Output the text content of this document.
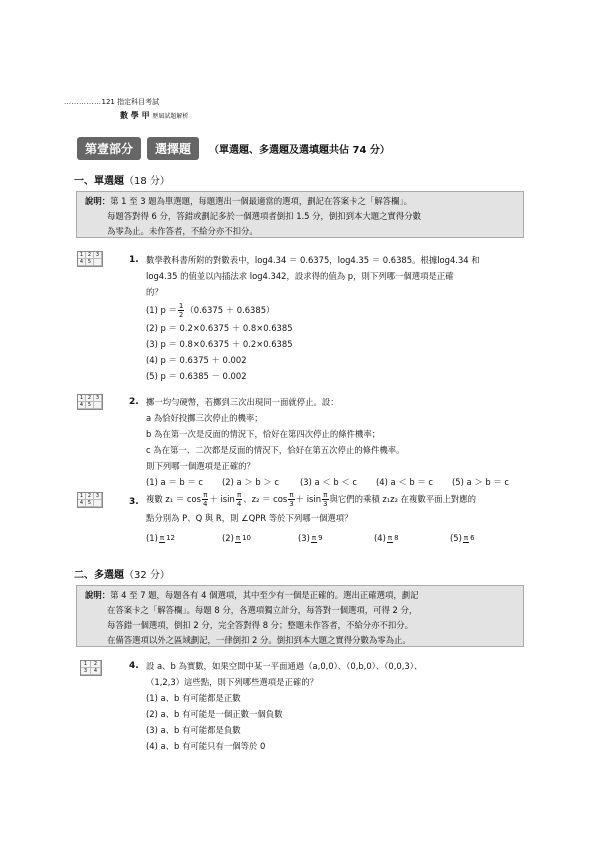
……………121 指定科目考試
數 學 甲 歷屆試題解析
第壹部分	選擇題	（單選題、多選題及選填題共佔 74 分）
一、單選題（18 分）
說明：第 1 至 3 題為單選題，每題選出一個最適當的選項，劃記在答案卡之「解答欄」。
每題答對得 6 分，答錯或劃記多於一個選項者倒扣 1.5 分，倒扣到本大題之實得分數
為零為止。未作答者，不給分亦不扣分。
1 2 3
4 5	1. 數學教科書所附的對數表中，log4.34 ＝ 0.6375，log4.35 ＝ 0.6385。根據log4.34 和
log4.35 的值並以內插法求 log4.342，設求得的值為 p，則下列哪一個選項是正確
的？
(1) $p = \frac{1}{2} (0.6375 + 0.6385)$
(2) p ＝ 0.2×0.6375 ＋ 0.8×0.6385
(3) p ＝ 0.8×0.6375 ＋ 0.2×0.6385
(4) p ＝ 0.6375 ＋ 0.002
(5) p ＝ 0.6385 － 0.002
1 2 3
4 5	2. 擲一均勻硬幣，若擲到三次出現同一面就停止。設：
a 為恰好投擲三次停止的機率；
b 為在第一次是反面的情況下，恰好在第四次停止的條件機率；
c 為在第一、二次都是反面的情況下，恰好在第五次停止的條件機率。
則下列哪一個選項是正確的？
(1) a ＝ b ＝ c	(2) a ＞ b ＞ c	(3) a ＜ b ＜ c	(4) a ＜ b ＝ c	(5) a ＞ b ＝ c
1 2 3
4 5	3. 複數 $z_1 = \cos \frac{\pi}{4} + isin \frac{\pi}{4}$ 、$z_2 = \cos \frac{\pi}{3} + isin \frac{\pi}{3}$ 與它們的乘積 z₁z₂ 在複數平面上對應的
點分別為 P、Q 與 R，則 ∠QPR 等於下列哪一個選項？
(1) π 12	(2) π 10	(3) π 9	(4) π 8	(5) π 6
二、多選題（32 分）
說明：第 4 至 7 題，每題各有 4 個選項，其中至少有一個是正確的。選出正確選項，劃記
在答案卡之「解答欄」。每題 8 分，各選項獨立計分，每答對一個選項，可得 2 分，
每答錯一個選項，倒扣 2 分，完全答對得 8 分；整題未作答者，不給分亦不扣分。
在備答選項以外之區域劃記，一律倒扣 2 分。倒扣到本大題之實得分數為零為止。
1	2
3	4	4. 設 a、b 為實數，如果空間中某一平面通過（a,0,0）、（0,b,0）、（0,0,3）、
（1,2,3）這些點，則下列哪些選項是正確的？
(1) a、b 有可能都是正數
(2) a、b 有可能是一個正數一個負數
(3) a、b 有可能都是負數
(4) a、b 有可能只有一個等於 0
